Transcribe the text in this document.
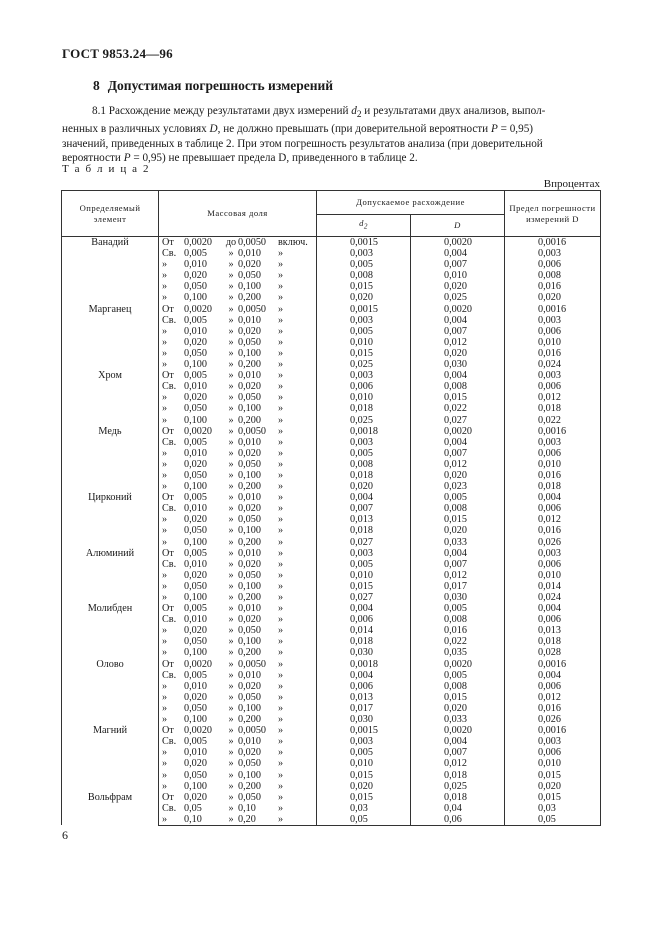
ГОСТ 9853.24—96
8 Допустимая погрешность измерений
8.1 Расхождение между результатами двух измерений $d_2$ и результатами двух анализов, выпол-
ненных в различных условиях D, не должно превышать (при доверительной вероятности P = 0,95)
значений, приведенных в таблице 2. При этом погрешность результатов анализа (при доверительной
вероятности P = 0,95) не превышает предела D, приведенного в таблице 2.
Т а б л и ц а 2
Впроцентах
Определяемый элемент	Массовая доля	Допускаемое расхождение		Предел погрешности измерений D
		$d_2$	D	
Ванадий	От 0,0020 до 0,0050 включ.	0,0015	0,0020	0,0016
	Св. 0,005 » 0,010 »	0,003	0,004	0,003
	» 0,010 » 0,020 »	0,005	0,007	0,006
	» 0,020 » 0,050 »	0,008	0,010	0,008
	» 0,050 » 0,100 »	0,015	0,020	0,016
	» 0,100 » 0,200 »	0,020	0,025	0,020
Марганец	От 0,0020 » 0,0050 »	0,0015	0,0020	0,0016
	Св. 0,005 » 0,010 »	0,003	0,004	0,003
	» 0,010 » 0,020 »	0,005	0,007	0,006
	» 0,020 » 0,050 »	0,010	0,012	0,010
	» 0,050 » 0,100 »	0,015	0,020	0,016
	» 0,100 » 0,200 »	0,025	0,030	0,024
Хром	От 0,005 » 0,010 »	0,003	0,004	0,003
	Св. 0,010 » 0,020 »	0,006	0,008	0,006
	» 0,020 » 0,050 »	0,010	0,015	0,012
	» 0,050 » 0,100 »	0,018	0,022	0,018
	» 0,100 » 0,200 »	0,025	0,027	0,022
Медь	От 0,0020 » 0,0050 »	0,0018	0,0020	0,0016
	Св. 0,005 » 0,010 »	0,003	0,004	0,003
	» 0,010 » 0,020 »	0,005	0,007	0,006
	» 0,020 » 0,050 »	0,008	0,012	0,010
	» 0,050 » 0,100 »	0,018	0,020	0,016
	» 0,100 » 0,200 »	0,020	0,023	0,018
Цирконий	От 0,005 » 0,010 »	0,004	0,005	0,004
	Св. 0,010 » 0,020 »	0,007	0,008	0,006
	» 0,020 » 0,050 »	0,013	0,015	0,012
	» 0,050 » 0,100 »	0,018	0,020	0,016
	» 0,100 » 0,200 »	0,027	0,033	0,026
Алюминий	От 0,005 » 0,010 »	0,003	0,004	0,003
	Св. 0,010 » 0,020 »	0,005	0,007	0,006
	» 0,020 » 0,050 »	0,010	0,012	0,010
	» 0,050 » 0,100 »	0,015	0,017	0,014
	» 0,100 » 0,200 »	0,027	0,030	0,024
Молибден	От 0,005 » 0,010 »	0,004	0,005	0,004
	Св. 0,010 » 0,020 »	0,006	0,008	0,006
	» 0,020 » 0,050 »	0,014	0,016	0,013
	» 0,050 » 0,100 »	0,018	0,022	0,018
	» 0,100 » 0,200 »	0,030	0,035	0,028
Олово	От 0,0020 » 0,0050 »	0,0018	0,0020	0,0016
	Св. 0,005 » 0,010 »	0,004	0,005	0,004
	» 0,010 » 0,020 »	0,006	0,008	0,006
	» 0,020 » 0,050 »	0,013	0,015	0,012
	» 0,050 » 0,100 »	0,017	0,020	0,016
	» 0,100 » 0,200 »	0,030	0,033	0,026
Магний	От 0,0020 » 0,0050 »	0,0015	0,0020	0,0016
	Св. 0,005 » 0,010 »	0,003	0,004	0,003
	» 0,010 » 0,020 »	0,005	0,007	0,006
	» 0,020 » 0,050 »	0,010	0,012	0,010
	» 0,050 » 0,100 »	0,015	0,018	0,015
	» 0,100 » 0,200 »	0,020	0,025	0,020
Вольфрам	От 0,020 » 0,050 »	0,015	0,018	0,015
	Св. 0,05 » 0,10 »	0,03	0,04	0,03
	» 0,10 » 0,20 »	0,05	0,06	0,05
6
